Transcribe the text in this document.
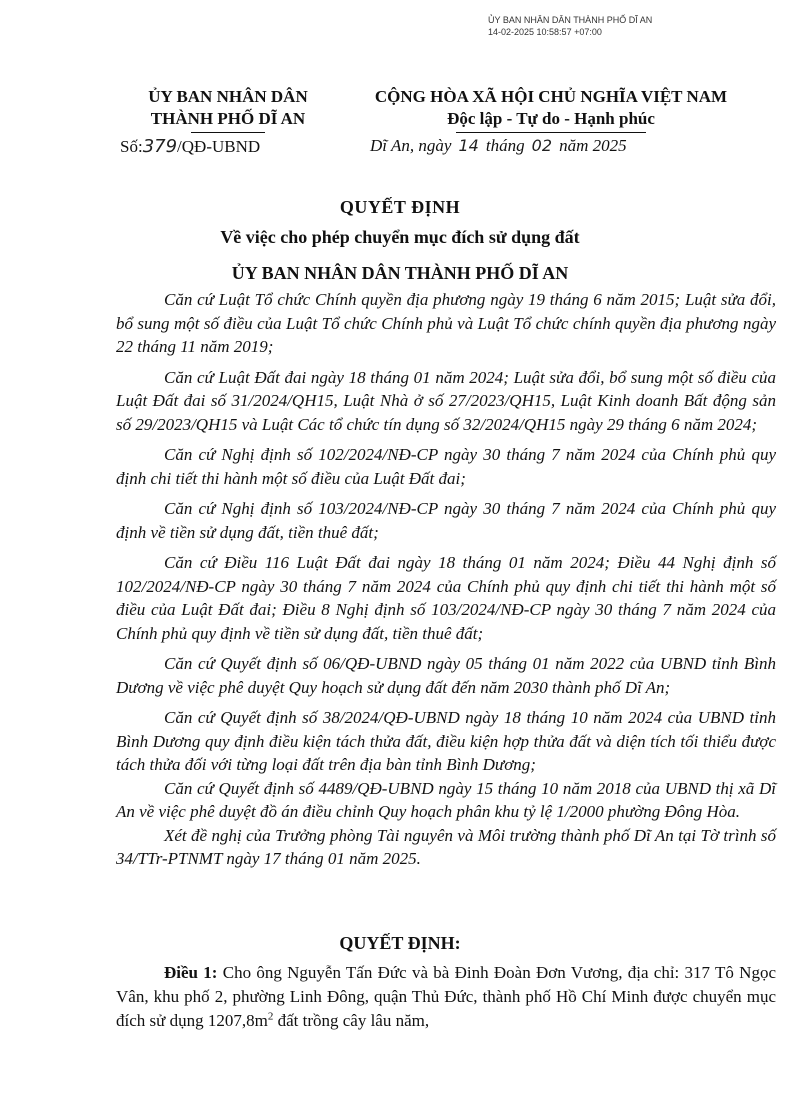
ỦY BAN NHÂN DÂN THÀNH PHỐ DĨ AN
14-02-2025 10:58:57 +07:00
ỦY BAN NHÂN DÂN
THÀNH PHỐ DĨ AN
CỘNG HÒA XÃ HỘI CHỦ NGHĨA VIỆT NAM
Độc lập - Tự do - Hạnh phúc
Số:379/QĐ-UBND	Dĩ An, ngày 14 tháng 02 năm 2025
QUYẾT ĐỊNH
Về việc cho phép chuyển mục đích sử dụng đất
ỦY BAN NHÂN DÂN THÀNH PHỐ DĨ AN

Căn cứ Luật Tổ chức Chính quyền địa phương ngày 19 tháng 6 năm 2015; Luật sửa đổi, bổ sung một số điều của Luật Tổ chức Chính phủ và Luật Tổ chức chính quyền địa phương ngày 22 tháng 11 năm 2019;

Căn cứ Luật Đất đai ngày 18 tháng 01 năm 2024; Luật sửa đổi, bổ sung một số điều của Luật Đất đai số 31/2024/QH15, Luật Nhà ở số 27/2023/QH15, Luật Kinh doanh Bất động sản số 29/2023/QH15 và Luật Các tổ chức tín dụng số 32/2024/QH15 ngày 29 tháng 6 năm 2024;

Căn cứ Nghị định số 102/2024/NĐ-CP ngày 30 tháng 7 năm 2024 của Chính phủ quy định chi tiết thi hành một số điều của Luật Đất đai;

Căn cứ Nghị định số 103/2024/NĐ-CP ngày 30 tháng 7 năm 2024 của Chính phủ quy định về tiền sử dụng đất, tiền thuê đất;

Căn cứ Điều 116 Luật Đất đai ngày 18 tháng 01 năm 2024; Điều 44 Nghị định số 102/2024/NĐ-CP ngày 30 tháng 7 năm 2024 của Chính phủ quy định chi tiết thi hành một số điều của Luật Đất đai; Điều 8 Nghị định số 103/2024/NĐ-CP ngày 30 tháng 7 năm 2024 của Chính phủ quy định về tiền sử dụng đất, tiền thuê đất;

Căn cứ Quyết định số 06/QĐ-UBND ngày 05 tháng 01 năm 2022 của UBND tỉnh Bình Dương về việc phê duyệt Quy hoạch sử dụng đất đến năm 2030 thành phố Dĩ An;

Căn cứ Quyết định số 38/2024/QĐ-UBND ngày 18 tháng 10 năm 2024 của UBND tỉnh Bình Dương quy định điều kiện tách thửa đất, điều kiện hợp thửa đất và diện tích tối thiểu được tách thửa đối với từng loại đất trên địa bàn tỉnh Bình Dương;

Căn cứ Quyết định số 4489/QĐ-UBND ngày 15 tháng 10 năm 2018 của UBND thị xã Dĩ An về việc phê duyệt đồ án điều chỉnh Quy hoạch phân khu tỷ lệ 1/2000 phường Đông Hòa.

Xét đề nghị của Trưởng phòng Tài nguyên và Môi trường thành phố Dĩ An tại Tờ trình số 34/TTr-PTNMT ngày 17 tháng 01 năm 2025.

QUYẾT ĐỊNH:

Điều 1: Cho ông Nguyễn Tấn Đức và bà Đinh Đoàn Đơn Vương, địa chỉ: 317 Tô Ngọc Vân, khu phố 2, phường Linh Đông, quận Thủ Đức, thành phố Hồ Chí Minh được chuyển mục đích sử dụng $1207,8m^2$ đất trồng cây lâu năm,
